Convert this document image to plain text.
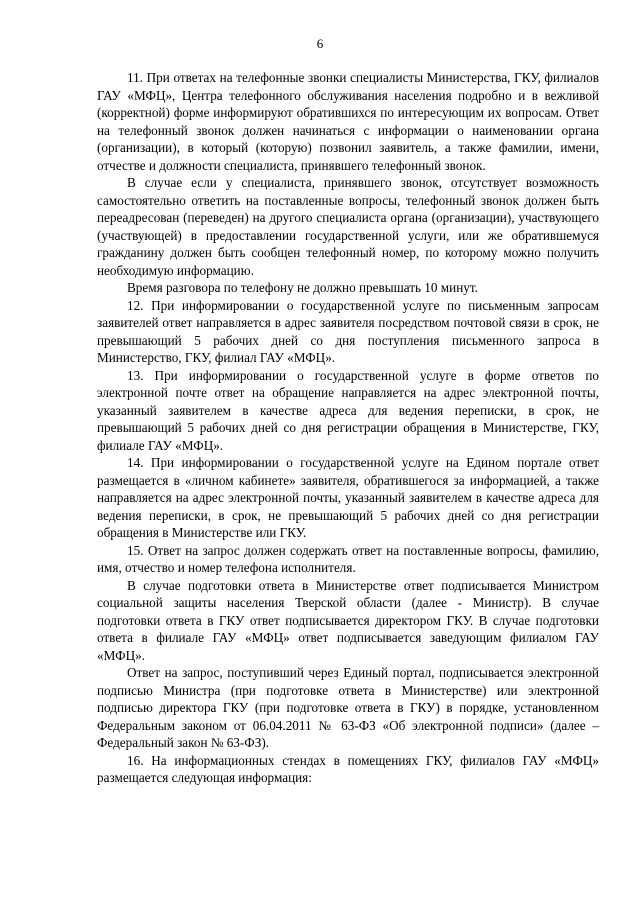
6

11. При ответах на телефонные звонки специалисты Министерства, ГКУ, филиалов ГАУ «МФЦ», Центра телефонного обслуживания населения подробно и в вежливой (корректной) форме информируют обратившихся по интересующим их вопросам. Ответ на телефонный звонок должен начинаться с информации о наименовании органа (организации), в который (которую) позвонил заявитель, а также фамилии, имени, отчестве и должности специалиста, принявшего телефонный звонок.

В случае если у специалиста, принявшего звонок, отсутствует возможность самостоятельно ответить на поставленные вопросы, телефонный звонок должен быть переадресован (переведен) на другого специалиста органа (организации), участвующего (участвующей) в предоставлении государственной услуги, или же обратившемуся гражданину должен быть сообщен телефонный номер, по которому можно получить необходимую информацию.

Время разговора по телефону не должно превышать 10 минут.

12. При информировании о государственной услуге по письменным запросам заявителей ответ направляется в адрес заявителя посредством почтовой связи в срок, не превышающий 5 рабочих дней со дня поступления письменного запроса в Министерство, ГКУ, филиал ГАУ «МФЦ».

13. При информировании о государственной услуге в форме ответов по электронной почте ответ на обращение направляется на адрес электронной почты, указанный заявителем в качестве адреса для ведения переписки, в срок, не превышающий 5 рабочих дней со дня регистрации обращения в Министерстве, ГКУ, филиале ГАУ «МФЦ».

14. При информировании о государственной услуге на Едином портале ответ размещается в «личном кабинете» заявителя, обратившегося за информацией, а также направляется на адрес электронной почты, указанный заявителем в качестве адреса для ведения переписки, в срок, не превышающий 5 рабочих дней со дня регистрации обращения в Министерстве или ГКУ.

15. Ответ на запрос должен содержать ответ на поставленные вопросы, фамилию, имя, отчество и номер телефона исполнителя.

В случае подготовки ответа в Министерстве ответ подписывается Министром социальной защиты населения Тверской области (далее - Министр). В случае подготовки ответа в ГКУ ответ подписывается директором ГКУ. В случае подготовки ответа в филиале ГАУ «МФЦ» ответ подписывается заведующим филиалом ГАУ «МФЦ».

Ответ на запрос, поступивший через Единый портал, подписывается электронной подписью Министра (при подготовке ответа в Министерстве) или электронной подписью директора ГКУ (при подготовке ответа в ГКУ) в порядке, установленном Федеральным законом от 06.04.2011 № 63-ФЗ «Об электронной подписи» (далее – Федеральный закон № 63-ФЗ).

16. На информационных стендах в помещениях ГКУ, филиалов ГАУ «МФЦ» размещается следующая информация:
